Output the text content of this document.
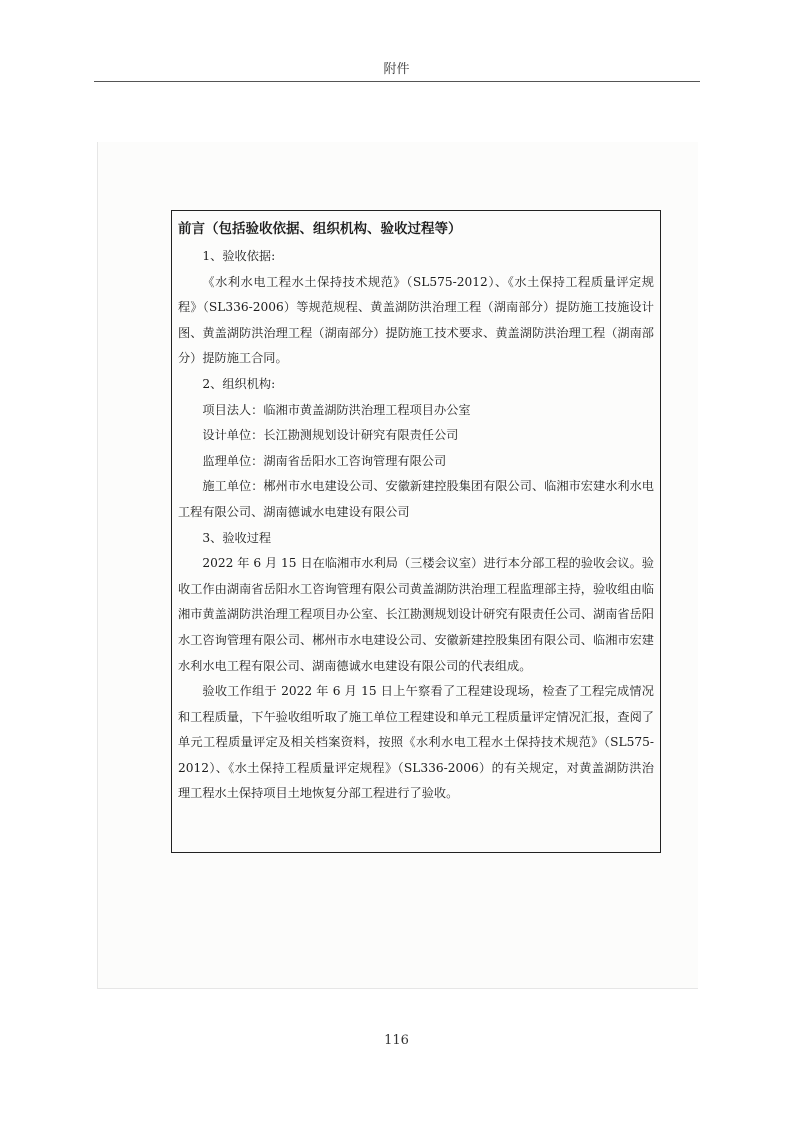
附件
前言（包括验收依据、组织机构、验收过程等）

1、验收依据:

《水利水电工程水土保持技术规范》（SL575-2012）、《水土保持工程质量评定规程》（SL336-2006）等规范规程、黄盖湖防洪治理工程（湖南部分）提防施工技施设计图、黄盖湖防洪治理工程（湖南部分）提防施工技术要求、黄盖湖防洪治理工程（湖南部分）提防施工合同。

2、组织机构:

项目法人：临湘市黄盖湖防洪治理工程项目办公室

设计单位：长江勘测规划设计研究有限责任公司

监理单位：湖南省岳阳水工咨询管理有限公司

施工单位：郴州市水电建设公司、安徽新建控股集团有限公司、临湘市宏建水利水电工程有限公司、湖南德诚水电建设有限公司

3、验收过程

2022 年 6 月 15 日在临湘市水利局（三楼会议室）进行本分部工程的验收会议。验收工作由湖南省岳阳水工咨询管理有限公司黄盖湖防洪治理工程监理部主持，验收组由临湘市黄盖湖防洪治理工程项目办公室、长江勘测规划设计研究有限责任公司、湖南省岳阳水工咨询管理有限公司、郴州市水电建设公司、安徽新建控股集团有限公司、临湘市宏建水利水电工程有限公司、湖南德诚水电建设有限公司的代表组成。

验收工作组于 2022 年 6 月 15 日上午察看了工程建设现场，检查了工程完成情况和工程质量，下午验收组听取了施工单位工程建设和单元工程质量评定情况汇报，查阅了单元工程质量评定及相关档案资料，按照《水利水电工程水土保持技术规范》（SL575-2012）、《水土保持工程质量评定规程》（SL336-2006）的有关规定，对黄盖湖防洪治理工程水土保持项目土地恢复分部工程进行了验收。

116
